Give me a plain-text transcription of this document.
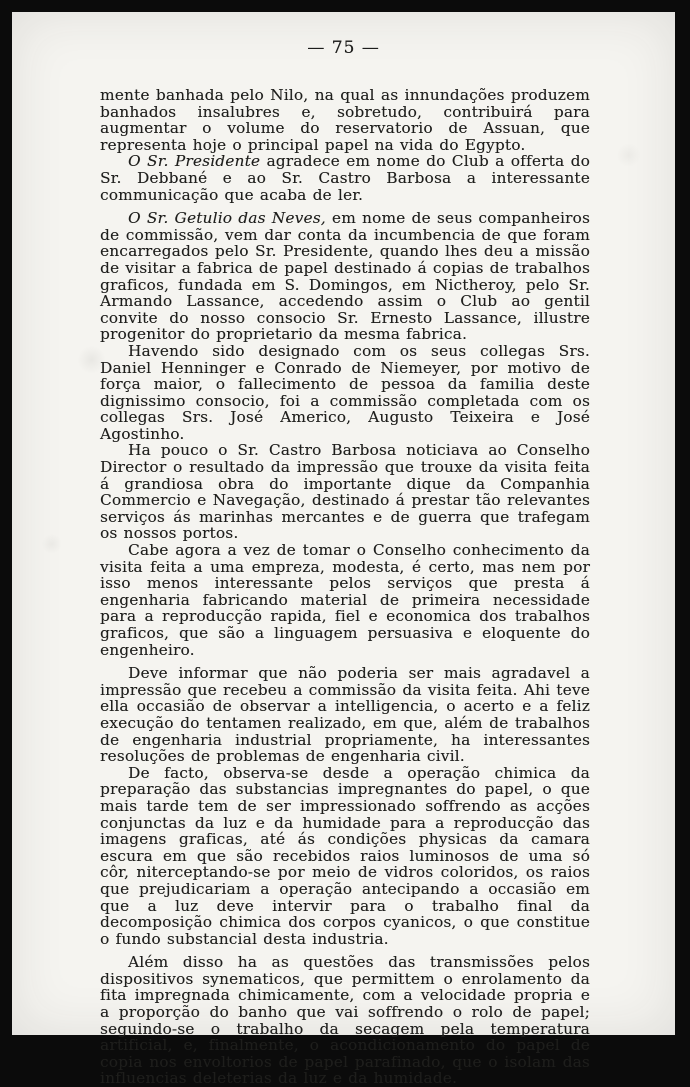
— 75 —

mente banhada pelo Nilo, na qual as innundações produzem banhados insalubres e, sobretudo, contribuirá para augmentar o volume do reservatorio de Assuan, que representa hoje o principal papel na vida do Egypto.

O Sr. Presidente agradece em nome do Club a offerta do Sr. Debbané e ao Sr. Castro Barbosa a interessante communicação que acaba de ler.

O Sr. Getulio das Neves, em nome de seus companheiros de commissão, vem dar conta da incumbencia de que foram encarregados pelo Sr. Presidente, quando lhes deu a missão de visitar a fabrica de papel destinado á copias de trabalhos graficos, fundada em S. Domingos, em Nictheroy, pelo Sr. Armando Lassance, accedendo assim o Club ao gentil convite do nosso consocio Sr. Ernesto Lassance, illustre progenitor do proprietario da mesma fabrica.

Havendo sido designado com os seus collegas Srs. Daniel Henninger e Conrado de Niemeyer, por motivo de força maior, o fallecimento de pessoa da familia deste dignissimo consocio, foi a commissão completada com os collegas Srs. José Americo, Augusto Teixeira e José Agostinho.

Ha pouco o Sr. Castro Barbosa noticiava ao Conselho Director o resultado da impressão que trouxe da visita feita á grandiosa obra do importante dique da Companhia Commercio e Navegação, destinado á prestar tão relevantes serviços ás marinhas mercantes e de guerra que trafegam os nossos portos.

Cabe agora a vez de tomar o Conselho conhecimento da visita feita a uma empreza, modesta, é certo, mas nem por isso menos interessante pelos serviços que presta á engenharia fabricando material de primeira necessidade para a reproducção rapida, fiel e economica dos trabalhos graficos, que são a linguagem persuasiva e eloquente do engenheiro.

Deve informar que não poderia ser mais agradavel a impressão que recebeu a commissão da visita feita. Ahi teve ella occasião de observar a intelligencia, o acerto e a feliz execução do tentamen realizado, em que, além de trabalhos de engenharia industrial propriamente, ha interessantes resoluções de problemas de engenharia civil.

De facto, observa-se desde a operação chimica da preparação das substancias impregnantes do papel, o que mais tarde tem de ser impressionado soffrendo as acções conjunctas da luz e da humidade para a reproducção das imagens graficas, até ás condições physicas da camara escura em que são recebidos raios luminosos de uma só côr, niterceptando-se por meio de vidros coloridos, os raios que prejudicariam a operação antecipando a occasião em que a luz deve intervir para o trabalho final da decomposição chimica dos corpos cyanicos, o que constitue o fundo substancial desta industria.

Além disso ha as questões das transmissões pelos dispositivos synematicos, que permittem o enrolamento da fita impregnada chimicamente, com a velocidade propria e a proporção do banho que vai soffrendo o rolo de papel; seguindo-se o trabalho da secagem pela temperatura artificial, e, finalmente, o acondicionamento do papel de copia nos envoltorios de papel parafinado, que o isolam das influencias deleterias da luz e da humidade.
